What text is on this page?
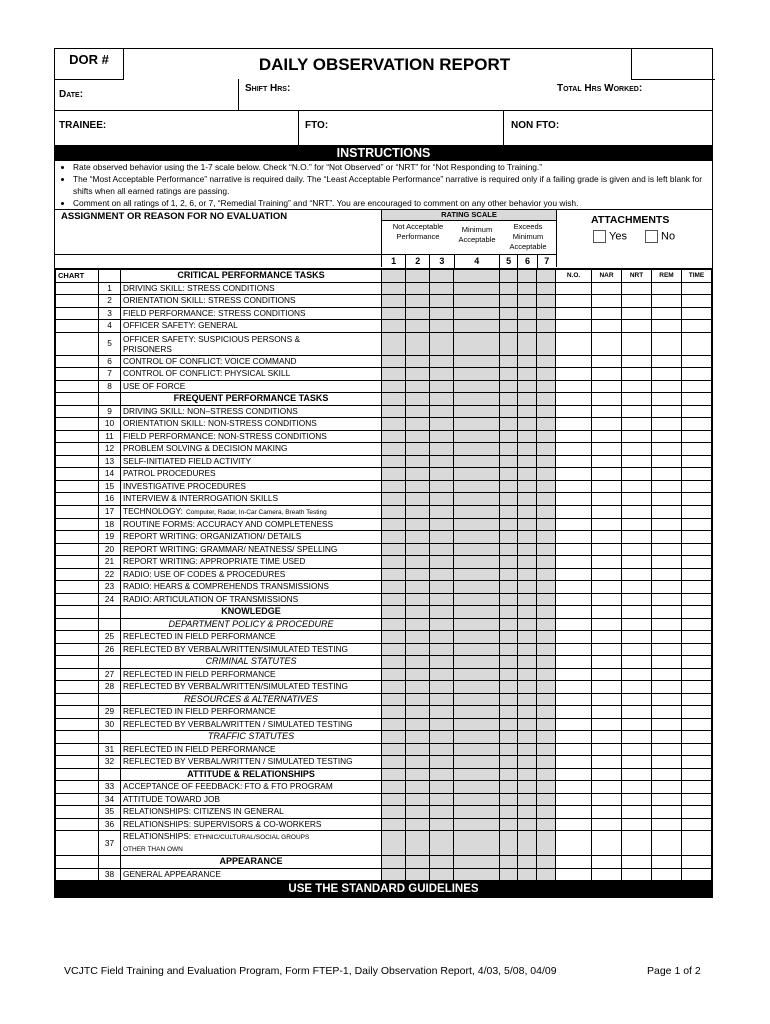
DOR #	DAILY OBSERVATION REPORT
Date:
Shift Hrs:	Total Hrs Worked:
TRAINEE:	FTO:	NON FTO:
INSTRUCTIONS
• Rate observed behavior using the 1-7 scale below. Check “N.O.” for “Not Observed” or “NRT” for “Not Responding to Training.”
• The “Most Acceptable Performance” narrative is required daily. The “Least Acceptable Performance” narrative is required only if a failing grade is given and is left blank for shifts when all earned ratings are passing.
• Comment on all ratings of 1, 2, 6, or 7, “Remedial Training” and “NRT”. You are encouraged to comment on any other behavior you wish.
ASSIGNMENT OR REASON FOR NO EVALUATION	RATING SCALE
Not Acceptable Performance
Minimum Acceptable
Exceeds Minimum Acceptable
1	2	3	4	5	6	7
ATTACHMENTS
Yes	No
CHART		CRITICAL PERFORMANCE TASKS								N.O.	NAR	NRT	REM	TIME
	1	DRIVING SKILL: STRESS CONDITIONS												
	2	ORIENTATION SKILL: STRESS CONDITIONS												
	3	FIELD PERFORMANCE: STRESS CONDITIONS												
	4	OFFICER SAFETY: GENERAL												
	5	OFFICER SAFETY: SUSPICIOUS PERSONS &
PRISONERS												
	6	CONTROL OF CONFLICT: VOICE COMMAND												
	7	CONTROL OF CONFLICT: PHYSICAL SKILL												
	8	USE OF FORCE												
		FREQUENT PERFORMANCE TASKS												
	9	DRIVING SKILL: NON–STRESS CONDITIONS												
	10	ORIENTATION SKILL: NON-STRESS CONDITIONS												
	11	FIELD PERFORMANCE: NON-STRESS CONDITIONS												
	12	PROBLEM SOLVING & DECISION MAKING												
	13	SELF-INITIATED FIELD ACTIVITY												
	14	PATROL PROCEDURES												
	15	INVESTIGATIVE PROCEDURES												
	16	INTERVIEW & INTERROGATION SKILLS												
	17	TECHNOLOGY: Computer, Radar, In-Car Camera, Breath Testing												
	18	ROUTINE FORMS: ACCURACY AND COMPLETENESS												
	19	REPORT WRITING: ORGANIZATION/ DETAILS												
	20	REPORT WRITING: GRAMMAR/ NEATNESS/ SPELLING												
	21	REPORT WRITING: APPROPRIATE TIME USED												
	22	RADIO: USE OF CODES & PROCEDURES												
	23	RADIO: HEARS & COMPREHENDS TRANSMISSIONS												
	24	RADIO: ARTICULATION OF TRANSMISSIONS												
		KNOWLEDGE												
		DEPARTMENT POLICY & PROCEDURE												
	25	REFLECTED IN FIELD PERFORMANCE												
	26	REFLECTED BY VERBAL/WRITTEN/SIMULATED TESTING												
		CRIMINAL STATUTES												
	27	REFLECTED IN FIELD PERFORMANCE												
	28	REFLECTED BY VERBAL/WRITTEN/SIMULATED TESTING												
		RESOURCES & ALTERNATIVES												
	29	REFLECTED IN FIELD PERFORMANCE												
	30	REFLECTED BY VERBAL/WRITTEN / SIMULATED TESTING												
		TRAFFIC STATUTES												
	31	REFLECTED IN FIELD PERFORMANCE												
	32	REFLECTED BY VERBAL/WRITTEN / SIMULATED TESTING												
		ATTITUDE & RELATIONSHIPS												
	33	ACCEPTANCE OF FEEDBACK: FTO & FTO PROGRAM												
	34	ATTITUDE TOWARD JOB												
	35	RELATIONSHIPS: CITIZENS IN GENERAL												
	36	RELATIONSHIPS: SUPERVISORS & CO-WORKERS												
	37	RELATIONSHIPS: ETHNIC/CULTURAL/SOCIAL GROUPS
OTHER THAN OWN												
		APPEARANCE												
	38	GENERAL APPEARANCE												
USE THE STANDARD GUIDELINES
VCJTC Field Training and Evaluation Program, Form FTEP-1, Daily Observation Report, 4/03, 5/08, 04/09	Page 1 of 2
